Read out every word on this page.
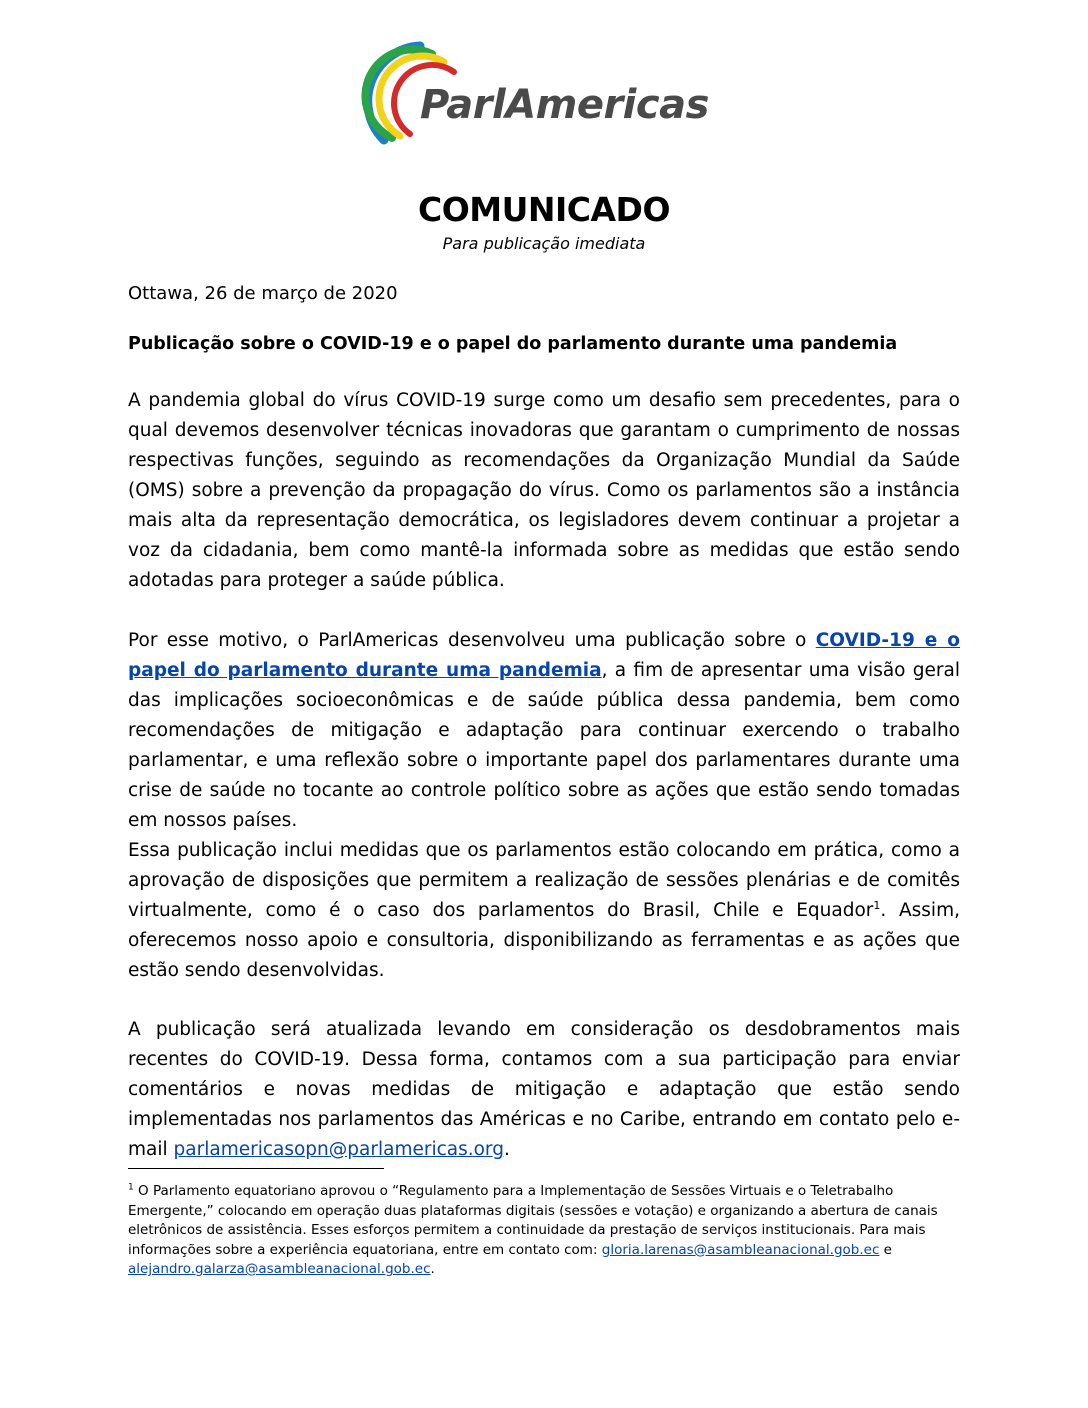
ParlAmericas
COMUNICADO
Para publicação imediata
Ottawa, 26 de março de 2020
Publicação sobre o COVID-19 e o papel do parlamento durante uma pandemia

A pandemia global do vírus COVID-19 surge como um desafio sem precedentes, para o qual devemos desenvolver técnicas inovadoras que garantam o cumprimento de nossas respectivas funções, seguindo as recomendações da Organização Mundial da Saúde (OMS) sobre a prevenção da propagação do vírus. Como os parlamentos são a instância mais alta da representação democrática, os legisladores devem continuar a projetar a voz da cidadania, bem como mantê-la informada sobre as medidas que estão sendo adotadas para proteger a saúde pública.

Por esse motivo, o ParlAmericas desenvolveu uma publicação sobre o COVID-19 e o papel do parlamento durante uma pandemia, a fim de apresentar uma visão geral das implicações socioeconômicas e de saúde pública dessa pandemia, bem como recomendações de mitigação e adaptação para continuar exercendo o trabalho parlamentar, e uma reflexão sobre o importante papel dos parlamentares durante uma crise de saúde no tocante ao controle político sobre as ações que estão sendo tomadas em nossos países.

Essa publicação inclui medidas que os parlamentos estão colocando em prática, como a aprovação de disposições que permitem a realização de sessões plenárias e de comitês virtualmente, como é o caso dos parlamentos do Brasil, Chile e Equador$^1$. Assim, oferecemos nosso apoio e consultoria, disponibilizando as ferramentas e as ações que estão sendo desenvolvidas.

A publicação será atualizada levando em consideração os desdobramentos mais recentes do COVID-19. Dessa forma, contamos com a sua participação para enviar comentários e novas medidas de mitigação e adaptação que estão sendo implementadas nos parlamentos das Américas e no Caribe, entrando em contato pelo e-mail parlamericasopn@parlamericas.org.

$^1$ O Parlamento equatoriano aprovou o “Regulamento para a Implementação de Sessões Virtuais e o Teletrabalho Emergente,” colocando em operação duas plataformas digitais (sessões e votação) e organizando a abertura de canais eletrônicos de assistência. Esses esforços permitem a continuidade da prestação de serviços institucionais. Para mais informações sobre a experiência equatoriana, entre em contato com: gloria.larenas@asambleanacional.gob.ec e alejandro.galarza@asambleanacional.gob.ec.
